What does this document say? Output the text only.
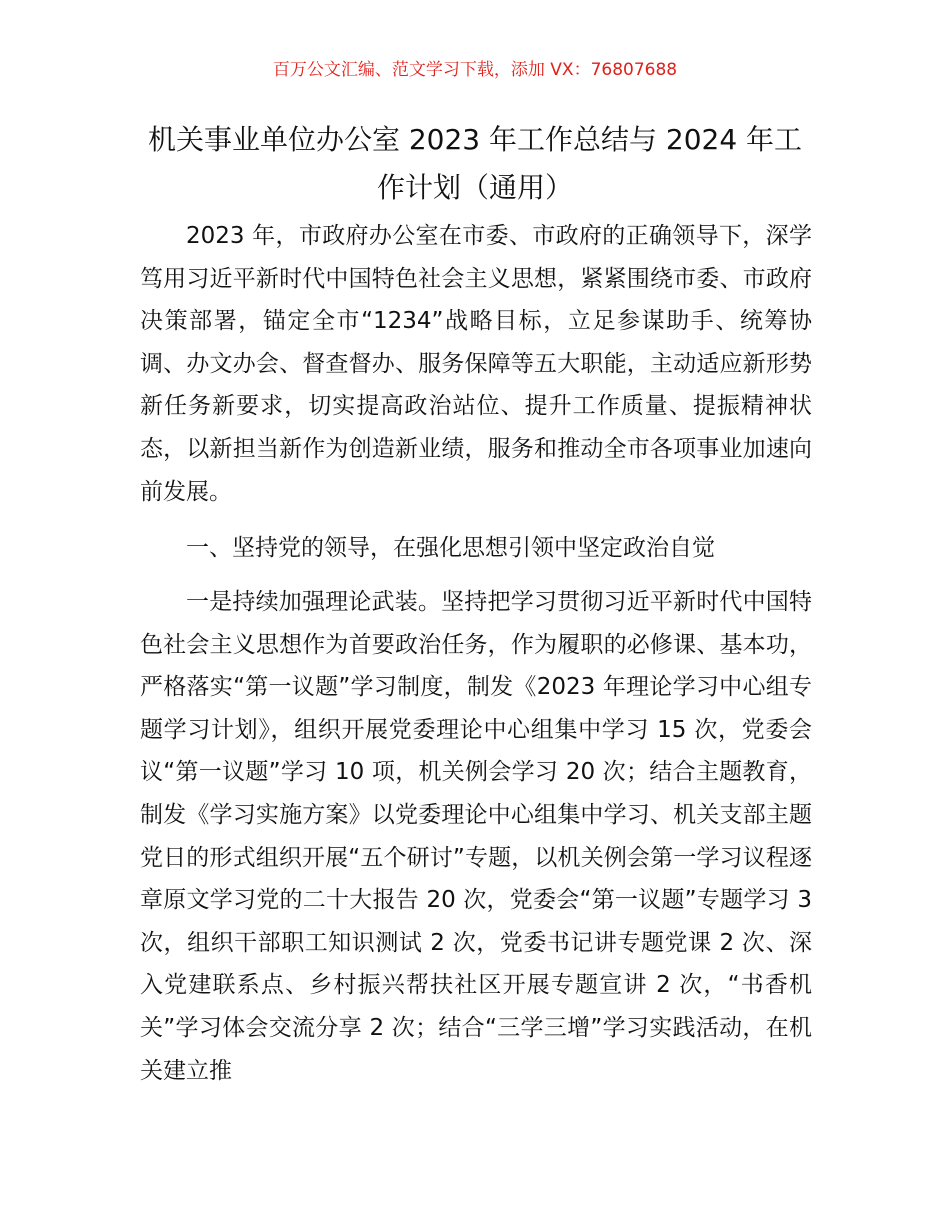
百万公文汇编、范文学习下载，添加 VX：76807688
机关事业单位办公室 2023 年工作总结与 2024 年工作计划（通用）

2023 年，市政府办公室在市委、市政府的正确领导下，深学笃用习近平新时代中国特色社会主义思想，紧紧围绕市委、市政府决策部署，锚定全市“1234”战略目标，立足参谋助手、统筹协调、办文办会、督查督办、服务保障等五大职能，主动适应新形势新任务新要求，切实提高政治站位、提升工作质量、提振精神状态，以新担当新作为创造新业绩，服务和推动全市各项事业加速向前发展。

一、坚持党的领导，在强化思想引领中坚定政治自觉

一是持续加强理论武装。坚持把学习贯彻习近平新时代中国特色社会主义思想作为首要政治任务，作为履职的必修课、基本功，严格落实“第一议题”学习制度，制发《2023 年理论学习中心组专题学习计划》，组织开展党委理论中心组集中学习 15 次，党委会议“第一议题”学习 10 项，机关例会学习 20 次；结合主题教育，制发《学习实施方案》以党委理论中心组集中学习、机关支部主题党日的形式组织开展“五个研讨”专题，以机关例会第一学习议程逐章原文学习党的二十大报告 20 次，党委会“第一议题”专题学习 3 次，组织干部职工知识测试 2 次，党委书记讲专题党课 2 次、深入党建联系点、乡村振兴帮扶社区开展专题宣讲 2 次，“书香机关”学习体会交流分享 2 次；结合“三学三增”学习实践活动，在机关建立推
